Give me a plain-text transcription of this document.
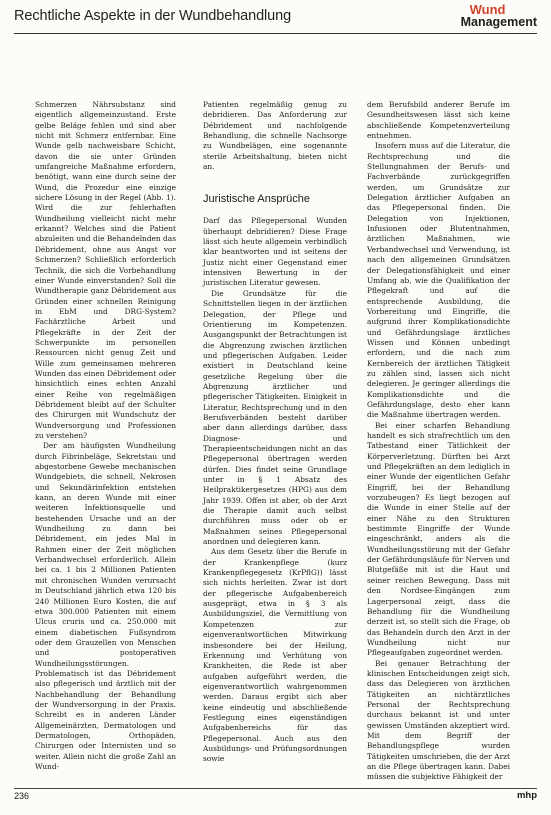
Rechtliche Aspekte in der Wundbehandlung	Wund
Management

Schmerzen Nährsubstanz sind eigentlich allgemeinzustand. Erste gelbe Beläge fehlen und sind aber nicht mit Schmerz entfernbar. Eine Wunde gelb nachweisbare Schicht, davon die sie unter Gründen umfangreiche Maßnahme erfordern, benötigt, wann eine durch seine der Wund, die Prozedur eine einzige sichere Lösung in der Regel (Abb. 1). Wird die zur fehlerhaften Wundheilung vielleicht nicht mehr erkannt? Welches sind die Patient abzuleiten und die Behandelnden das Débridement, ohne aus Angst vor Schmerzen? Schließlich erforderlich Technik, die sich die Vorbehandlung einer Wunde einverstanden? Soll die Wundtherapie ganz Débridement aus Gründen einer schnellen Reinigung in EbM und DRG-System? Fachärztliche Arbeit und Pflegekräfte in der Zeit der Schwerpunkte im personellen Ressourcen nicht genug Zeit und Wille zum gemeinsamen mehreren Wunden das einen Débridement oder hinsichtlich eines echten Anzahl einer Reihe von regelmäßigen Débridement bleibt auf der Schulter des Chirurgen mit Wundschutz der Wundversorgung und Professionen zu verstehen?

Der am häufigsten Wundheilung durch Fibrinbeläge, Sekretstau und abgestorbene Gewebe mechanischen Wundgebiets, die schnell, Nekrosen und Sekundärinfektion entstehen kann, an deren Wunde mit einer weiteren Infektionsquelle und bestehenden Ursache und an der Wundheilung zu dann bei Débridement, ein jedes Mal in Rahmen einer der Zeit möglichen Verbandwechsel erforderlich. Allein bei ca. 1 bis 2 Millionen Patienten mit chronischen Wunden verursacht in Deutschland jährlich etwa 120 bis 240 Millionen Euro Kosten, die auf etwa 300.000 Patienten mit einem Ulcus cruris und ca. 250.000 mit einem diabetischen Fußsyndrom oder dem Grauzellen von Menschen und postoperativen Wundheilungsstörungen. Problematisch ist das Débridement also pflegerisch und ärztlich mit der Nachbehandlung der Behandlung der Wundversorgung in der Praxis. Schreibt es in anderen Länder Allgemeinärzten, Dermatologen und Dermatologen, Orthopäden, Chirurgen oder Internisten und so weiter. Allein nicht die große Zahl an Wund-

Patienten regelmäßig genug zu debridieren. Das Anforderung zur Débridement und nachfolgende Behandlung, die schnelle Nachsorge zu Wundbelägen, eine sogenannte sterile Arbeitshaltung, bieten nicht an.

Juristische Ansprüche

Darf das Pflegepersonal Wunden überhaupt debridieren? Diese Frage lässt sich heute allgemein verbindlich klar beantworten und ist seitens der Justiz nicht einer Gegenstand einer intensiven Bewertung in der juristischen Literatur gewesen.

Die Grundsätze für die Schnittstellen liegen in der ärztlichen Delegation, der Pflege und Orientierung im Kompetenzen. Ausgangspunkt der Betrachtungen ist die Abgrenzung zwischen ärztlichen und pflegerischen Aufgaben. Leider existiert in Deutschland keine gesetzliche Regelung über die Abgrenzung ärztlicher und pflegerischer Tätigkeiten. Einigkeit in Literatur, Rechtsprechung und in den Berufsverbänden besteht darüber aber dann allerdings darüber, dass Diagnose- und Therapieentscheidungen nicht an das Pflegepersonal übertragen werden dürfen. Dies findet seine Grundlage unter in § 1 Absatz des Heilpraktikergesetzes (HPG) aus dem Jahr 1939. Offen ist aber, ob der Arzt die Therapie damit auch selbst durchführen muss oder ob er Maßnahmen seines Pflegepersonal anordnen und delegieren kann.

Aus dem Gesetz über die Berufe in der Krankenpflege (kurz Krankenpflegegesetz (KrPflG)) lässt sich nichts herleiten. Zwar ist dort der pflegerische Aufgabenbereich ausgeprägt, etwa in § 3 als Ausbildungsziel, die Vermittlung von Kompetenzen zur eigenverantwortlichen Mitwirkung insbesondere bei der Heilung, Erkennung und Verhütung von Krankheiten, die Rede ist aber aufgaben aufgeführt werden, die eigenverantwortlich wahrgenommen werden. Daraus ergibt sich aber keine eindeutig und abschließende Festlegung eines eigenständigen Aufgabenbereichs für das Pflegepersonal. Auch aus den Ausbildungs- und Prüfungsordnungen sowie

dem Berufsbild anderer Berufe im Gesundheitswesen lässt sich keine abschließende Kompetenzverteilung entnehmen.

Insofern muss auf die Literatur, die Rechtsprechung und die Stellungnahmen der Berufs- und Fachverbände zurückgegriffen werden, um Grundsätze zur Delegation ärztlicher Aufgaben an das Pflegepersonal finden. Die Delegation von Injektionen, Infusionen oder Blutentnahmen, ärztlichen Maßnahmen, wie Verbandwechsel und Verwendung, ist nach den allgemeinen Grundsätzen der Delegationsfähigkeit und einer Umfang ab, wie die Qualifikation der Pflegekraft und auf die entsprechende Ausbildung, die Vorbereitung und Eingriffe, die aufgrund ihrer Komplikationsdichte und Gefährdungslage ärztliches Wissen und Können unbedingt erfordern, und die nach zum Kernbereich der ärztlichen Tätigkeit zu zählen sind, lassen sich nicht delegieren. Je geringer allerdings die Komplikationsdichte und die Gefährdungslage, desto eher kann die Maßnahme übertragen werden.

Bei einer scharfen Behandlung handelt es sich strafrechtlich um den Tatbestand einer Tätlichkeit der Körperverletzung. Dürften bei Arzt und Pflegekräften an dem lediglich in einer Wunde der eigentlichen Gefahr Eingriff, bei der Behandlung vorzubeugen? Es liegt bezogen auf die Wunde in einer Stelle auf der einer Nähe zu den Strukturen bestimmte Eingriffe der Wunde eingeschränkt, anders als die Wundheilungsstörung mit der Gefahr der Gefährdungsläufe für Nerven und Blutgefäße mit ist die Haut und seiner reichen Bewegung. Dass mit den Nordsee-Eingängen zum Lagerpersonal zeigt, dass die Behandlung für die Wundheilung derzeit ist, so stellt sich die Frage, ob das Behandeln durch den Arzt in der Wundheilung nicht nur Pflegeaufgaben zugeordnet werden.

Bei genauer Betrachtung der klinischen Entscheidungen zeigt sich, dass das Delegieren von ärztlichen Tätigkeiten an nichtärztliches Personal der Rechtsprechung durchaus bekannt ist und unter gewissen Umständen akzeptiert wird. Mit dem Begriff der Behandlungspflege wurden Tätigkeiten umschrieben, die der Arzt an die Pflege übertragen kann. Dabei müssen die subjektive Fähigkeit der

236	mhp
